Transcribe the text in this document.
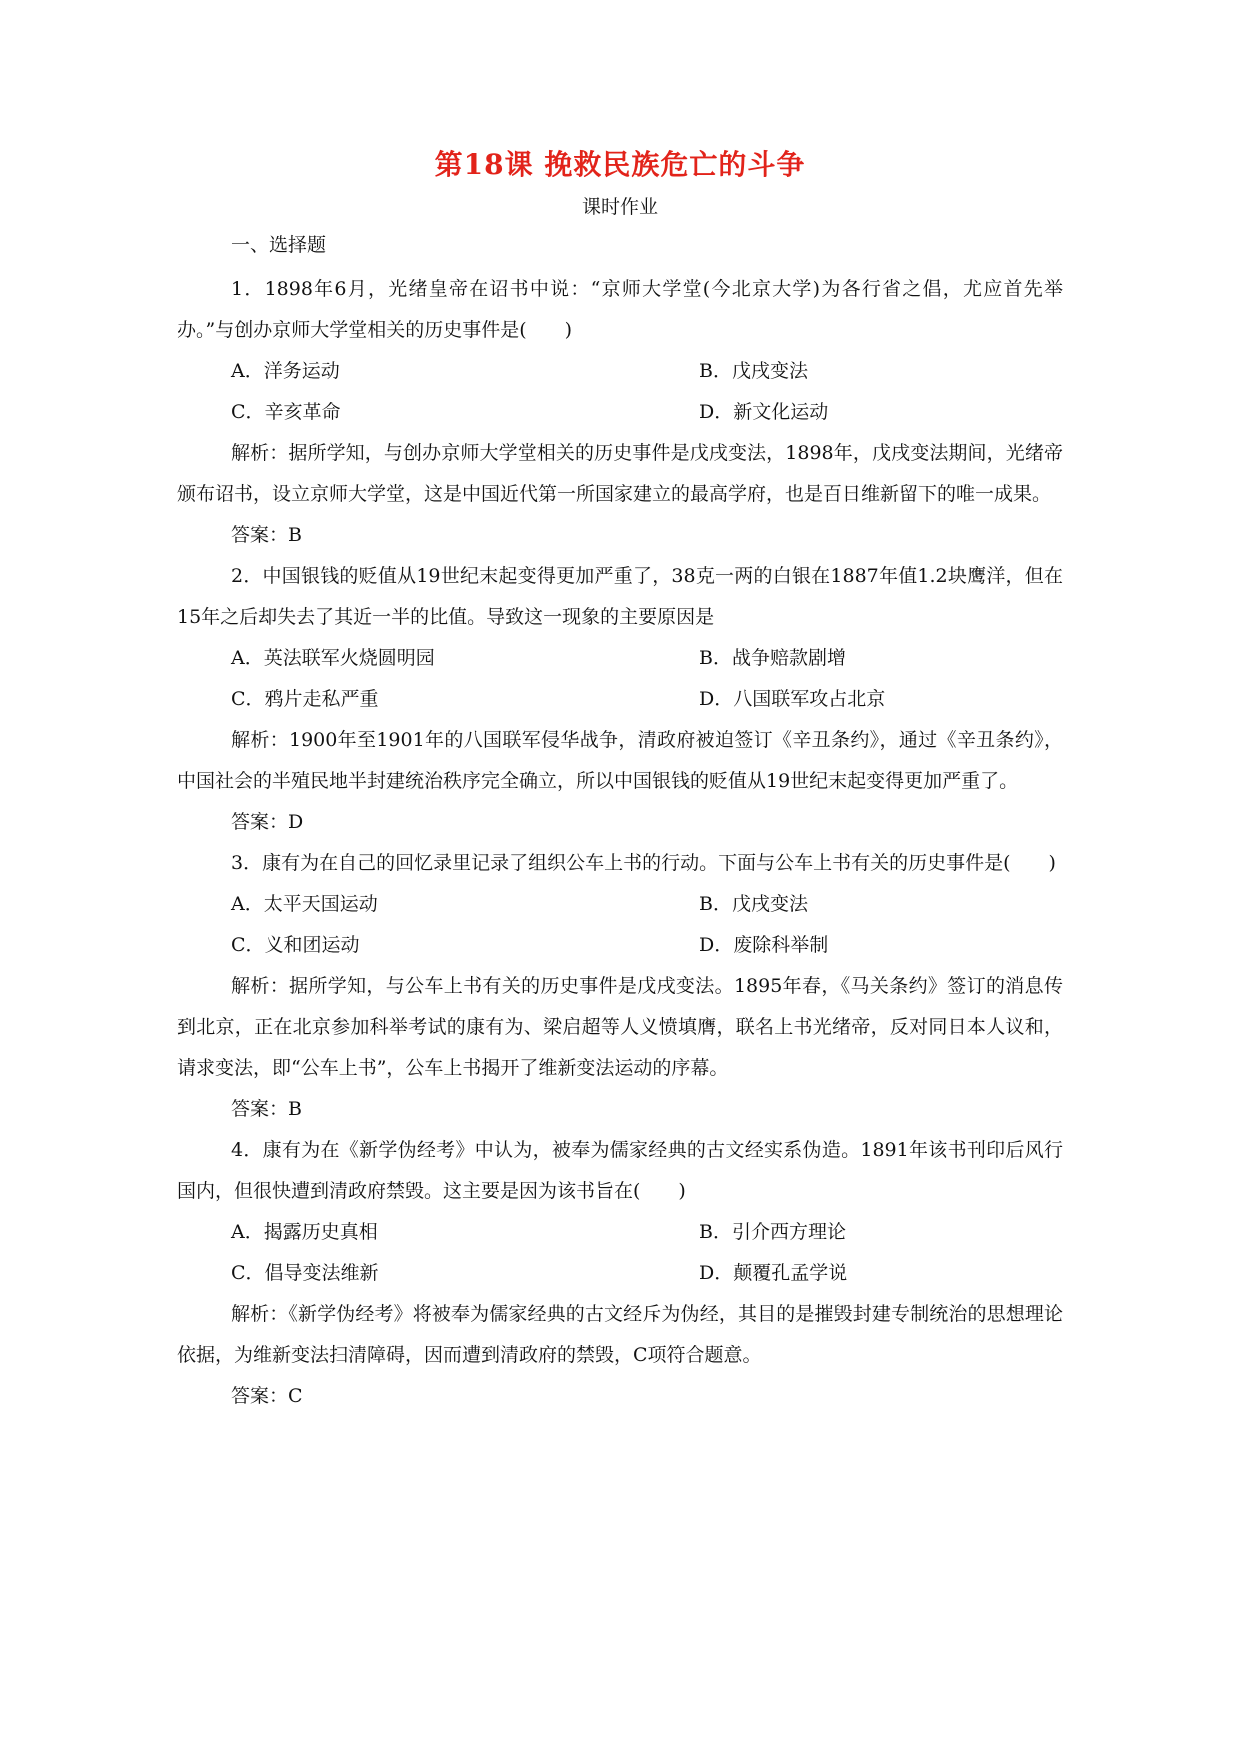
第18课 挽救民族危亡的斗争
课时作业
一、选择题

1．1898年6月，光绪皇帝在诏书中说：“京师大学堂(今北京大学)为各行省之倡，尤应首先举办。”与创办京师大学堂相关的历史事件是(　　)

A．洋务运动	B．戊戌变法
C．辛亥革命	D．新文化运动

解析：据所学知，与创办京师大学堂相关的历史事件是戊戌变法，1898年，戊戌变法期间，光绪帝颁布诏书，设立京师大学堂，这是中国近代第一所国家建立的最高学府，也是百日维新留下的唯一成果。

答案：B

2．中国银钱的贬值从19世纪末起变得更加严重了，38克一两的白银在1887年值1.2块鹰洋，但在15年之后却失去了其近一半的比值。导致这一现象的主要原因是

A．英法联军火烧圆明园	B．战争赔款剧增
C．鸦片走私严重	D．八国联军攻占北京

解析：1900年至1901年的八国联军侵华战争，清政府被迫签订《辛丑条约》，通过《辛丑条约》，中国社会的半殖民地半封建统治秩序完全确立，所以中国银钱的贬值从19世纪末起变得更加严重了。

答案：D

3．康有为在自己的回忆录里记录了组织公车上书的行动。下面与公车上书有关的历史事件是(　　)

A．太平天国运动	B．戊戌变法
C．义和团运动	D．废除科举制

解析：据所学知，与公车上书有关的历史事件是戊戌变法。1895年春，《马关条约》签订的消息传到北京，正在北京参加科举考试的康有为、梁启超等人义愤填膺，联名上书光绪帝，反对同日本人议和，请求变法，即“公车上书”，公车上书揭开了维新变法运动的序幕。

答案：B

4．康有为在《新学伪经考》中认为，被奉为儒家经典的古文经实系伪造。1891年该书刊印后风行国内，但很快遭到清政府禁毁。这主要是因为该书旨在(　　)

A．揭露历史真相	B．引介西方理论
C．倡导变法维新	D．颠覆孔孟学说

解析：《新学伪经考》将被奉为儒家经典的古文经斥为伪经，其目的是摧毁封建专制统治的思想理论依据，为维新变法扫清障碍，因而遭到清政府的禁毁，C项符合题意。

答案：C
